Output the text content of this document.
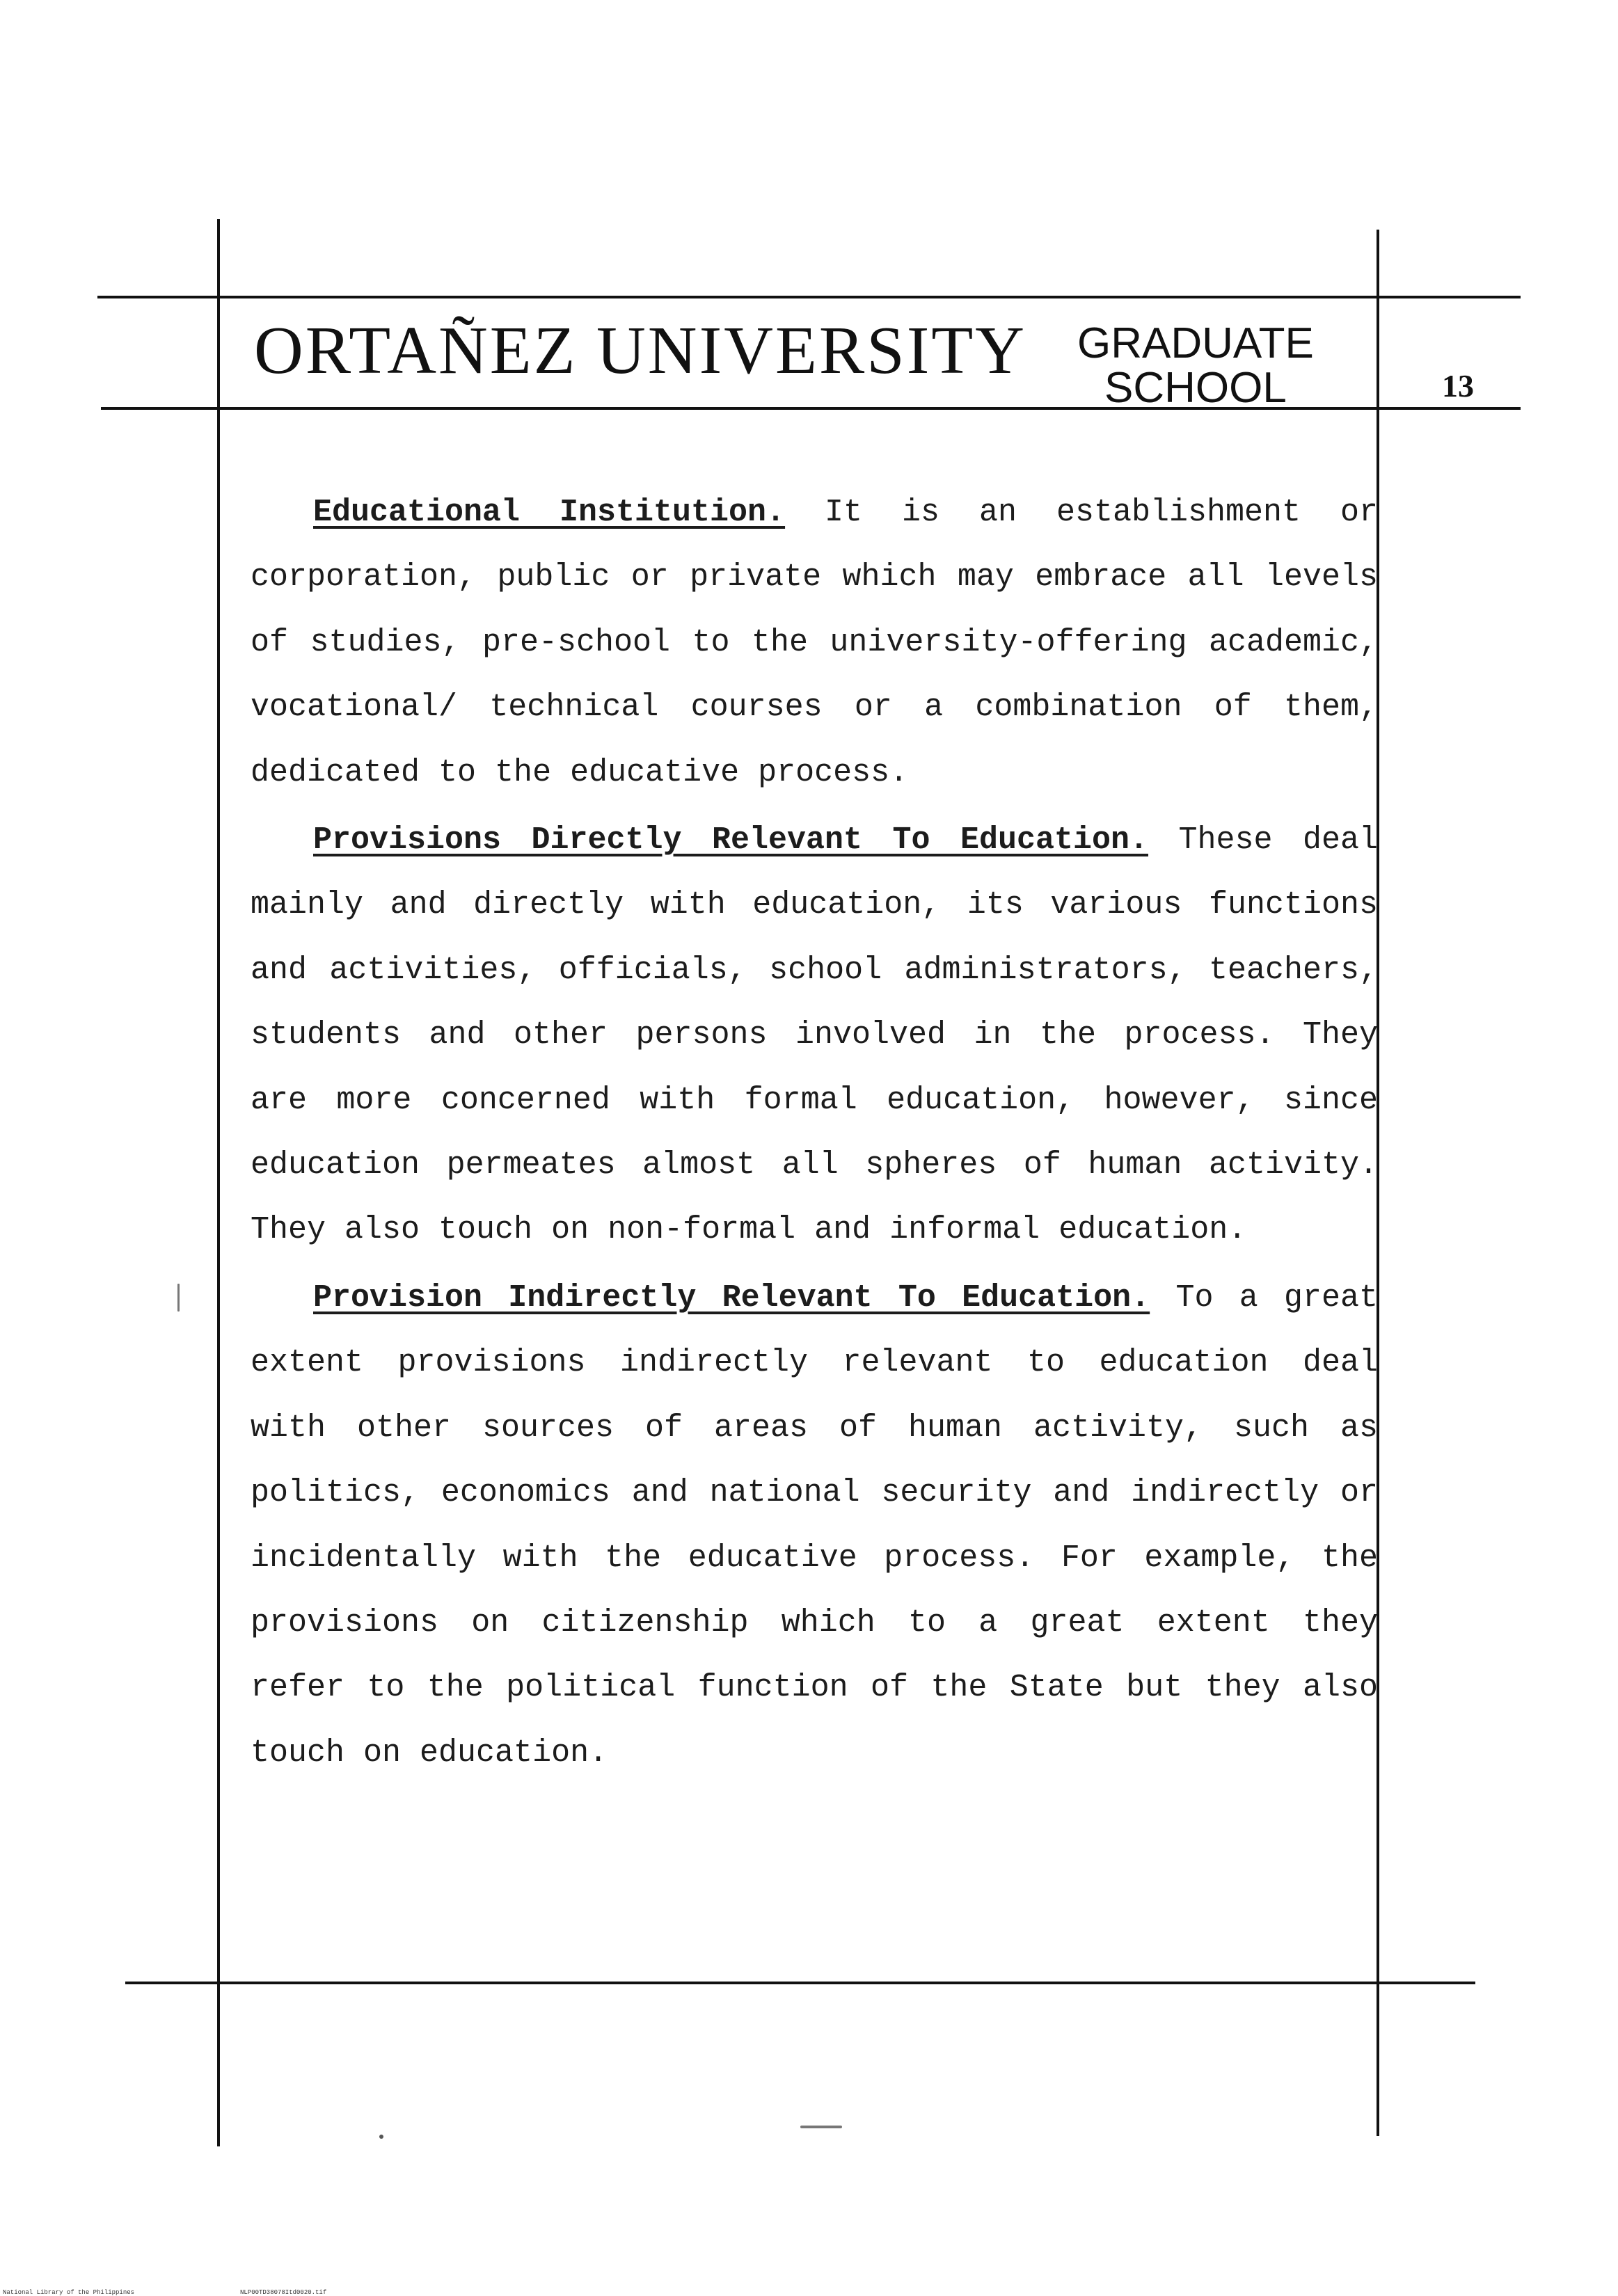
ORTAÑEZ UNIVERSITY GRADUATE
SCHOOL	13

Educational Institution. It is an establishment or corporation, public or private which may embrace all levels of studies, pre-school to the university-offering academic, vocational/ technical courses or a combination of them, dedicated to the educative process.

Provisions Directly Relevant To Education. These deal mainly and directly with education, its various functions and activities, officials, school administrators, teachers, students and other persons involved in the process. They are more concerned with formal education, however, since education permeates almost all spheres of human activity. They also touch on non-formal and informal education.

Provision Indirectly Relevant To Education. To a great extent provisions indirectly relevant to education deal with other sources of areas of human activity, such as politics, economics and national security and indirectly or incidentally with the educative process. For example, the provisions on citizenship which to a great extent they refer to the political function of the State but they also touch on education.

National Library of the Philippines	NLP00TD38078Itd0020.tif
